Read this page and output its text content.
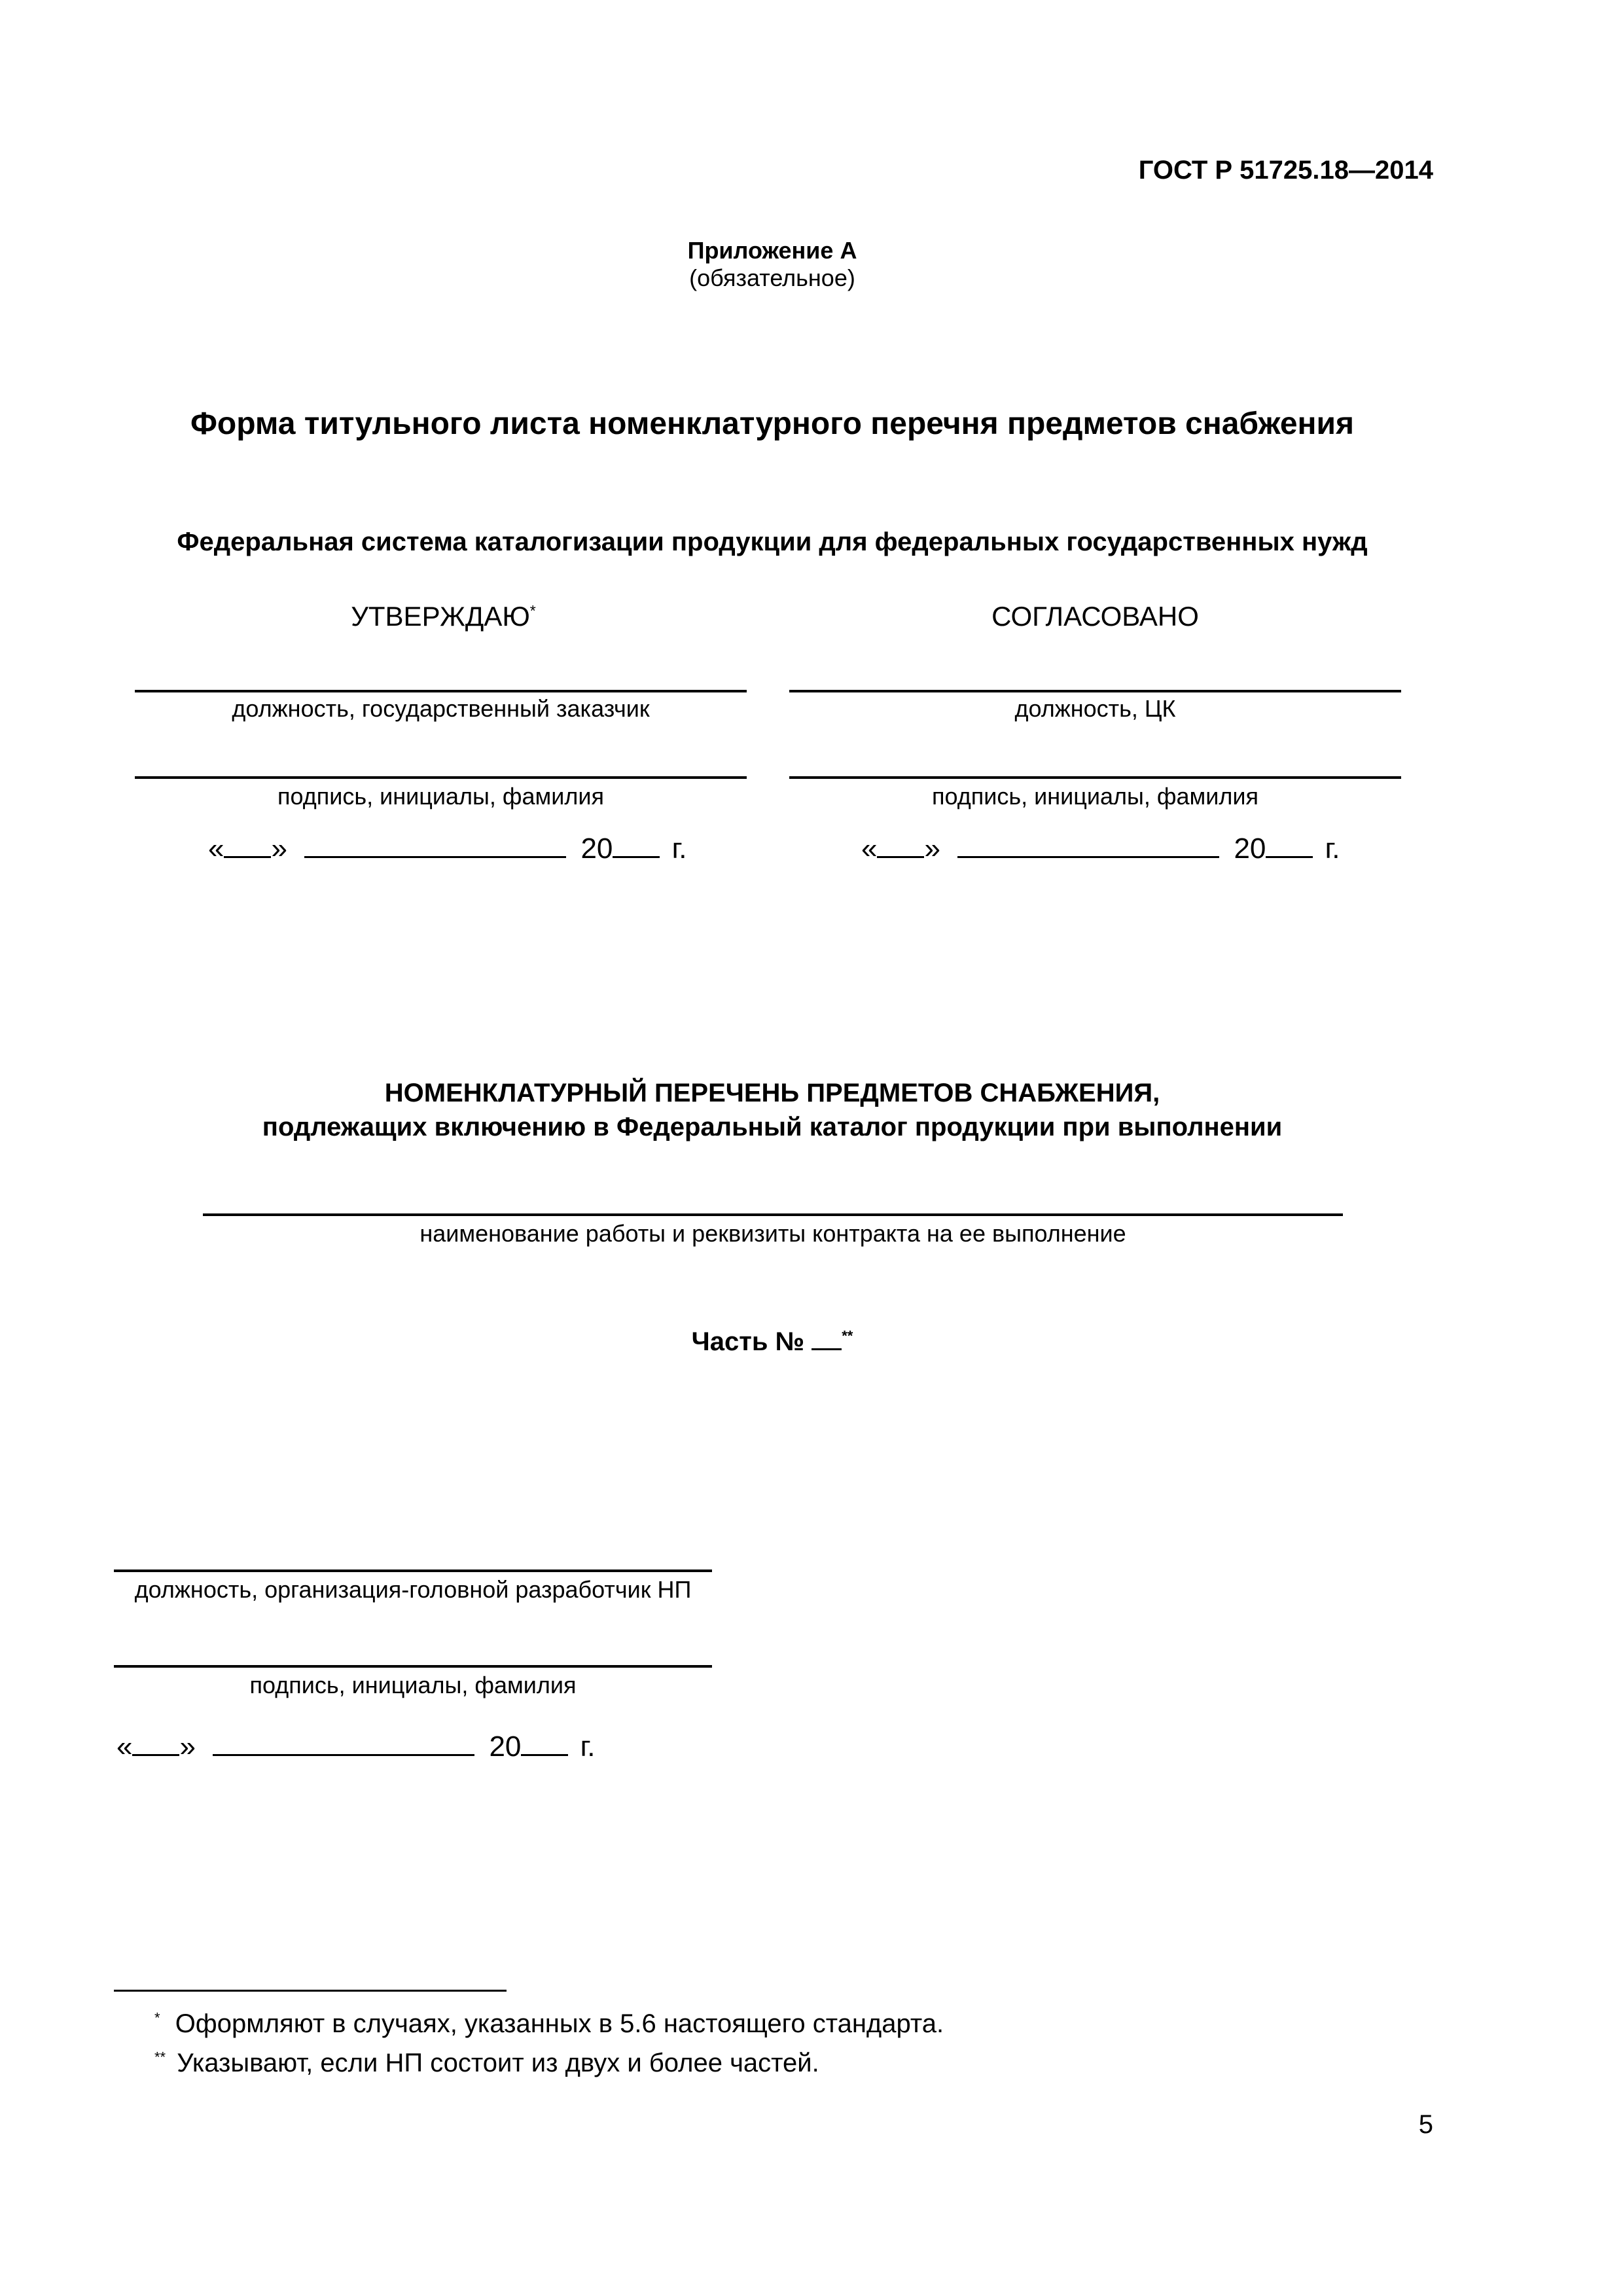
ГОСТ Р 51725.18—2014
Приложение А
(обязательное)
Форма титульного листа номенклатурного перечня предметов снабжения
Федеральная система каталогизации продукции для федеральных государственных нужд
УТВЕРЖДАЮ*
должность, государственный заказчик
подпись, инициалы, фамилия
« »	20 г.
СОГЛАСОВАНО
должность, ЦК
подпись, инициалы, фамилия
« »	20 г.
НОМЕНКЛАТУРНЫЙ ПЕРЕЧЕНЬ ПРЕДМЕТОВ СНАБЖЕНИЯ,
подлежащих включению в Федеральный каталог продукции при выполнении
наименование работы и реквизиты контракта на ее выполнение
Часть №	**
должность, организация-головной разработчик НП
подпись, инициалы, фамилия
« »	20 г.
* Оформляют в случаях, указанных в 5.6 настоящего стандарта.
** Указывают, если НП состоит из двух и более частей.
5
